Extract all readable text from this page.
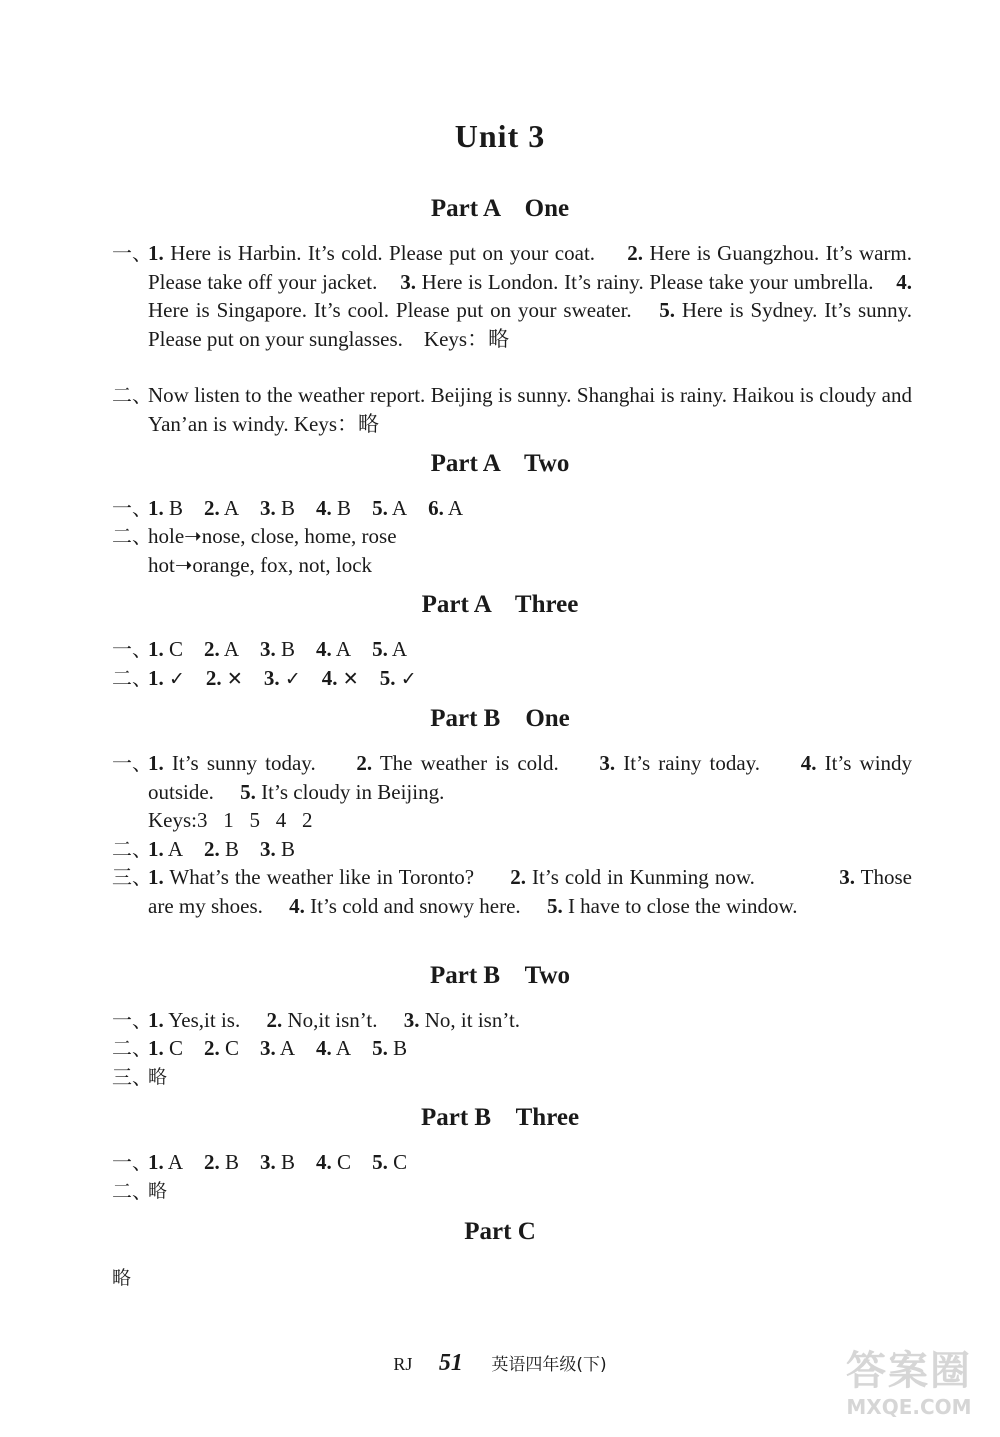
Unit 3
Part A    One
一、
1. Here is Harbin. It’s cold. Please put on your coat. 2. Here is Guangzhou. It’s warm. Please take off your jacket. 3. Here is London. It’s rainy. Please take your umbrella. 4. Here is Singapore. It’s cool. Please put on your sweater. 5. Here is Sydney. It’s sunny. Please put on your sunglasses. Keys：略
二、
Now listen to the weather report. Beijing is sunny. Shanghai is rainy. Haikou is cloudy and Yan’an is windy. Keys：略
Part A    Two
一、
1. B 2. A 3. B 4. B 5. A 6. A
二、
hole➝nose, close, home, rose
hot➝orange, fox, not, lock
Part A    Three
一、
1. C 2. A 3. B 4. A 5. A
二、
1. ✓ 2. ✕ 3. ✓ 4. ✕ 5. ✓
Part B    One
一、
1. It’s sunny today. 2. The weather is cold. 3. It’s rainy today. 4. It’s windy outside. 5. It’s cloudy in Beijing.
Keys:3   1   5   4   2
二、
1. A 2. B 3. B
三、
1. What’s the weather like in Toronto? 2. It’s cold in Kunming now.	3. Those are my shoes. 4. It’s cold and snowy here. 5. I have to close the window.
Part B    Two
一、
1. Yes,it is. 2. No,it isn’t. 3. No, it isn’t.
二、
1. C 2. C 3. A 4. A 5. B
三、
略
Part B    Three
一、
1. A 2. B 3. B 4. C 5. C
二、
略
Part C
略
RJ 51 英语四年级(下)	答案圈
MXQE.COM
